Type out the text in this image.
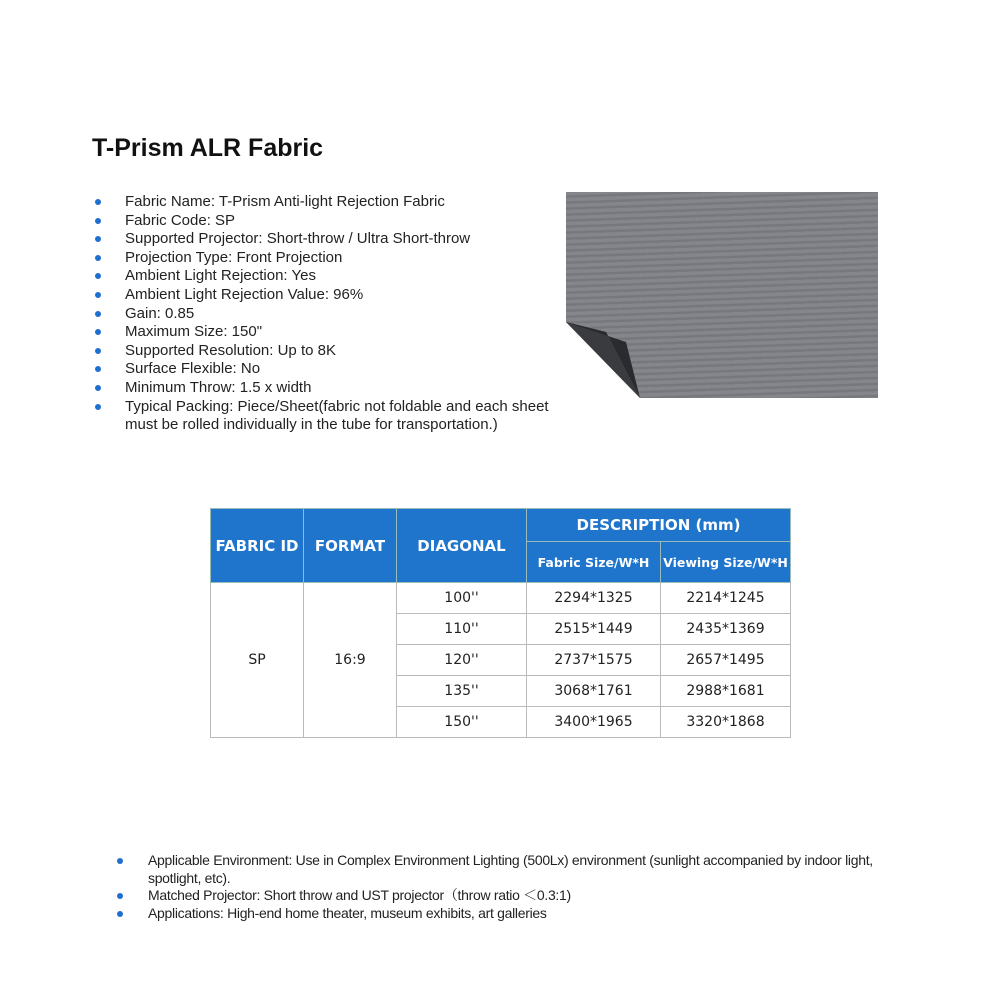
T-Prism ALR Fabric
Fabric Name: T-Prism Anti-light Rejection Fabric
Fabric Code: SP
Supported Projector: Short-throw / Ultra Short-throw
Projection Type: Front Projection
Ambient Light Rejection: Yes
Ambient Light Rejection Value: 96%
Gain: 0.85
Maximum Size: 150"
Supported Resolution: Up to 8K
Surface Flexible: No
Minimum Throw: 1.5 x width
Typical Packing: Piece/Sheet(fabric not foldable and each sheet must be rolled individually in the tube for transportation.)
FABRIC ID	FORMAT	DIAGONAL	DESCRIPTION (mm)	
			Fabric Size/W*H	Viewing Size/W*H
SP	16:9	100''	2294*1325	2214*1245
		110''	2515*1449	2435*1369
		120''	2737*1575	2657*1495
		135''	3068*1761	2988*1681
		150''	3400*1965	3320*1868
Applicable Environment: Use in Complex Environment Lighting (500Lx) environment (sunlight accompanied by indoor light, spotlight, etc).
Matched Projector: Short throw and UST projector（throw ratio ＜0.3:1)
Applications: High-end home theater, museum exhibits, art galleries
